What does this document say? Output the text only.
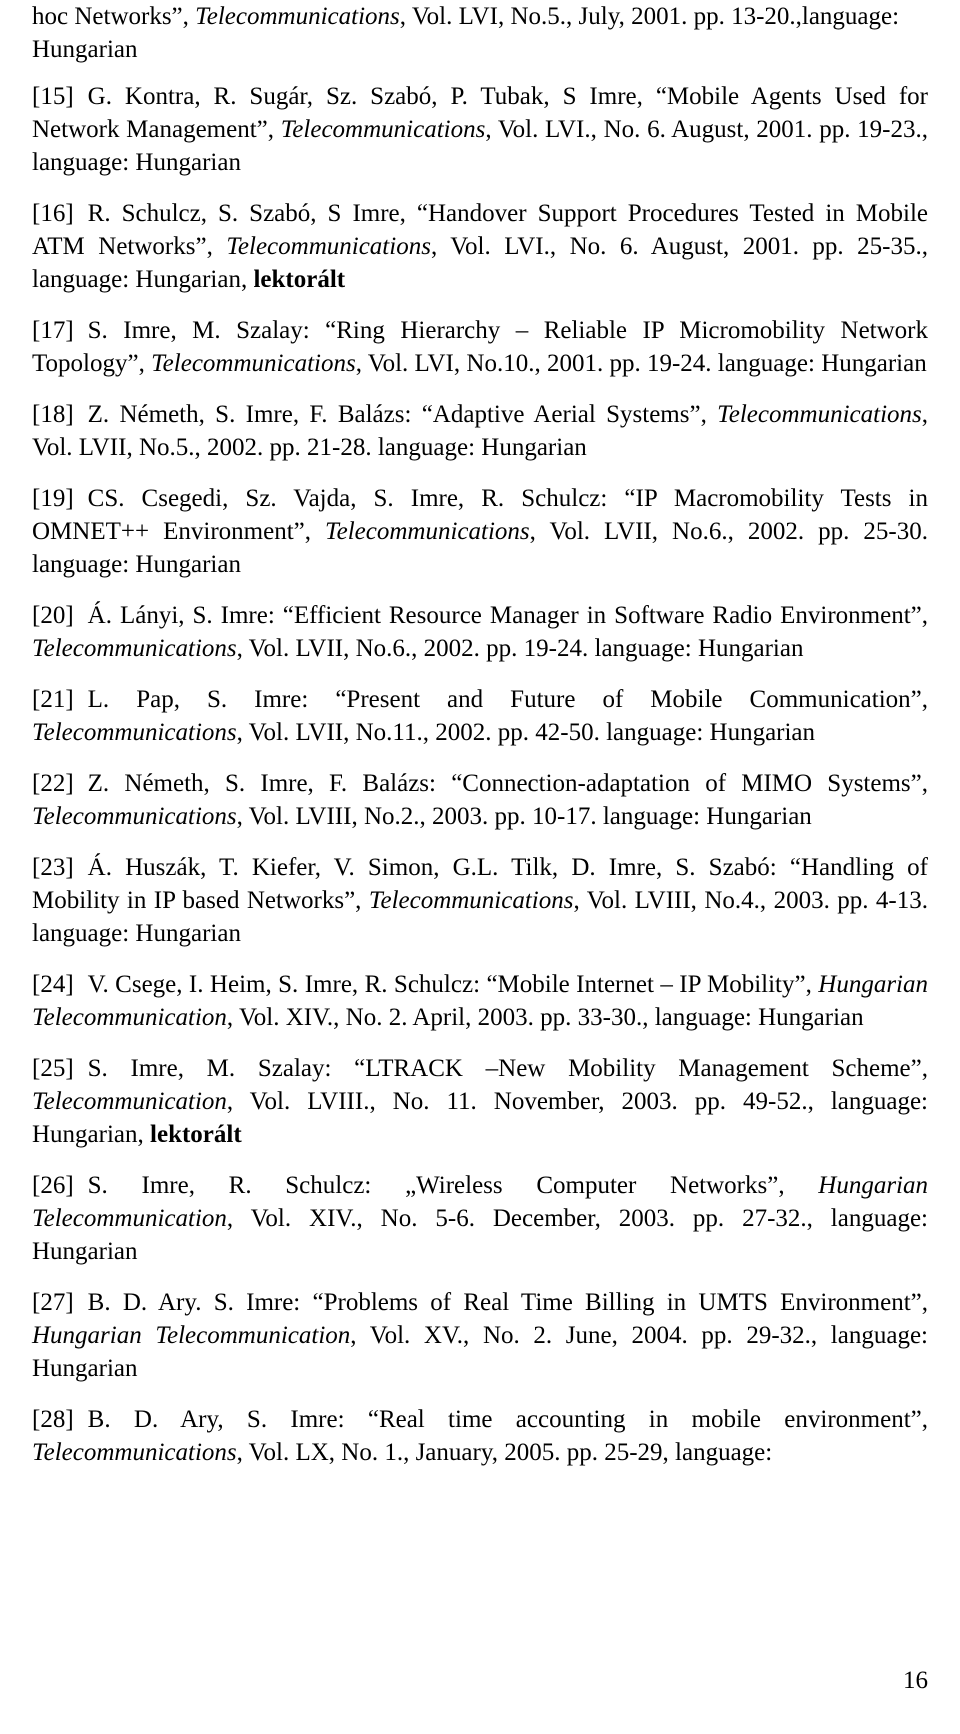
hoc Networks”, Telecommunications, Vol. LVI, No.5., July, 2001. pp. 13-20.,language: Hungarian

[15] G. Kontra, R. Sugár, Sz. Szabó, P. Tubak, S Imre, “Mobile Agents Used for Network Management”, Telecommunications, Vol. LVI., No. 6. August, 2001. pp. 19-23., language: Hungarian

[16] R. Schulcz, S. Szabó, S Imre, “Handover Support Procedures Tested in Mobile ATM Networks”, Telecommunications, Vol. LVI., No. 6. August, 2001. pp. 25-35., language: Hungarian, lektorált

[17] S. Imre, M. Szalay: “Ring Hierarchy – Reliable IP Micromobility Network Topology”, Telecommunications, Vol. LVI, No.10., 2001. pp. 19-24. language: Hungarian

[18] Z. Németh, S. Imre, F. Balázs: “Adaptive Aerial Systems”, Telecommunications, Vol. LVII, No.5., 2002. pp. 21-28. language: Hungarian

[19] CS. Csegedi, Sz. Vajda, S. Imre, R. Schulcz: “IP Macromobility Tests in OMNET++ Environment”, Telecommunications, Vol. LVII, No.6., 2002. pp. 25-30. language: Hungarian

[20] Á. Lányi, S. Imre: “Efficient Resource Manager in Software Radio Environment”, Telecommunications, Vol. LVII, No.6., 2002. pp. 19-24. language: Hungarian

[21] L. Pap, S. Imre: “Present and Future of Mobile Communication”, Telecommunications, Vol. LVII, No.11., 2002. pp. 42-50. language: Hungarian

[22] Z. Németh, S. Imre, F. Balázs: “Connection-adaptation of MIMO Systems”, Telecommunications, Vol. LVIII, No.2., 2003. pp. 10-17. language: Hungarian

[23] Á. Huszák, T. Kiefer, V. Simon, G.L. Tilk, D. Imre, S. Szabó: “Handling of Mobility in IP based Networks”, Telecommunications, Vol. LVIII, No.4., 2003. pp. 4-13. language: Hungarian

[24] V. Csege, I. Heim, S. Imre, R. Schulcz: “Mobile Internet – IP Mobility”, Hungarian Telecommunication, Vol. XIV., No. 2. April, 2003. pp. 33-30., language: Hungarian

[25] S. Imre, M. Szalay: “LTRACK –New Mobility Management Scheme”, Telecommunication, Vol. LVIII., No. 11. November, 2003. pp. 49-52., language: Hungarian, lektorált

[26] S. Imre, R. Schulcz: „Wireless Computer Networks”, Hungarian Telecommunication, Vol. XIV., No. 5-6. December, 2003. pp. 27-32., language: Hungarian

[27] B. D. Ary. S. Imre: “Problems of Real Time Billing in UMTS Environment”, Hungarian Telecommunication, Vol. XV., No. 2. June, 2004. pp. 29-32., language: Hungarian

[28] B. D. Ary, S. Imre: “Real time accounting in mobile environment”, Telecommunications, Vol. LX, No. 1., January, 2005. pp. 25-29, language:

16
